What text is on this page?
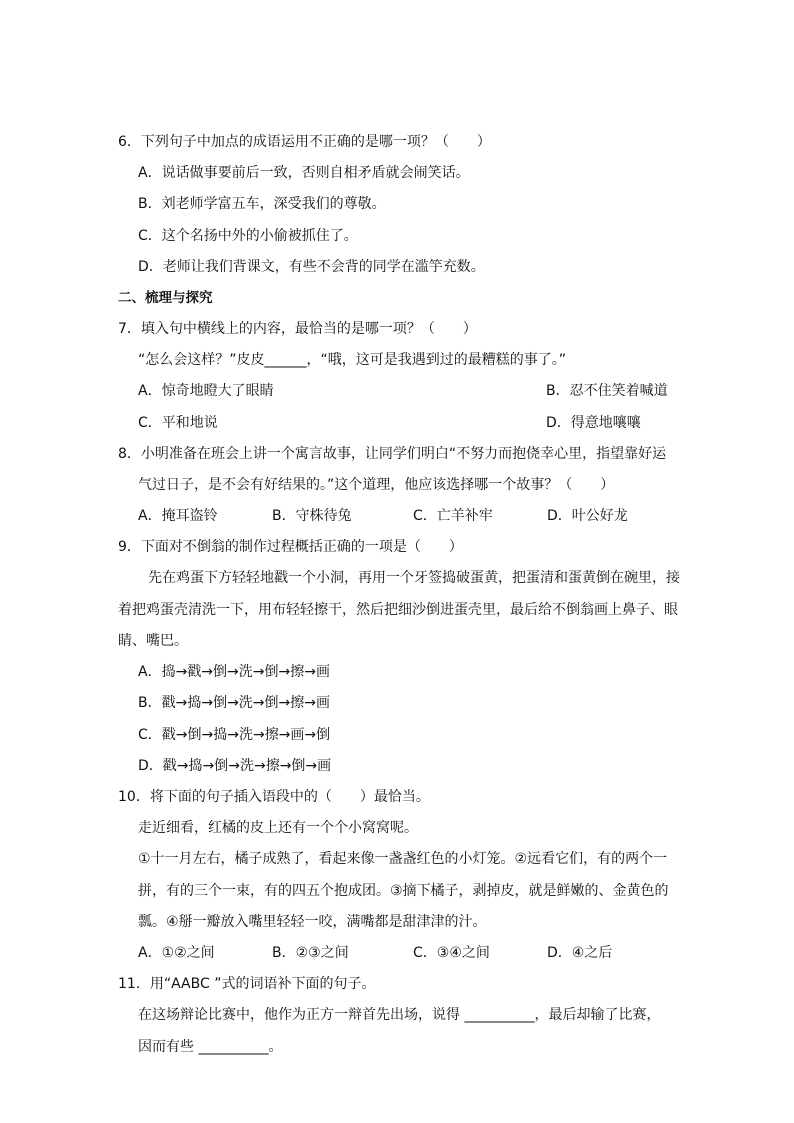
6．下列句子中加点的成语运用不正确的是哪一项？（　　）
A．说话做事要前后一致，否则自相矛盾就会闹笑话。
B．刘老师学富五车，深受我们的尊敬。
C．这个名扬中外的小偷被抓住了。
D．老师让我们背课文，有些不会背的同学在滥竽充数。
二、梳理与探究
7．填入句中横线上的内容，最恰当的是哪一项？（　　）
“怎么会这样？”皮皮______，“哦，这可是我遇到过的最糟糕的事了。”
A．惊奇地瞪大了眼睛	B．忍不住笑着喊道
C．平和地说	D．得意地嚷嚷
8．小明准备在班会上讲一个寓言故事，让同学们明白“不努力而抱侥幸心里，指望靠好运
气过日子，是不会有好结果的。”这个道理，他应该选择哪一个故事？（　　）
A．掩耳盗铃	B．守株待兔	C．亡羊补牢	D．叶公好龙
9．下面对不倒翁的制作过程概括正确的一项是（　　）
先在鸡蛋下方轻轻地戳一个小洞，再用一个牙签捣破蛋黄，把蛋清和蛋黄倒在碗里，接
着把鸡蛋壳清洗一下，用布轻轻擦干，然后把细沙倒进蛋壳里，最后给不倒翁画上鼻子、眼
睛、嘴巴。
A．捣→戳→倒→洗→倒→擦→画
B．戳→捣→倒→洗→倒→擦→画
C．戳→倒→捣→洗→擦→画→倒
D．戳→捣→倒→洗→擦→倒→画
10．将下面的句子插入语段中的（　　）最恰当。
走近细看，红橘的皮上还有一个个小窝窝呢。
①十一月左右，橘子成熟了，看起来像一盏盏红色的小灯笼。②远看它们，有的两个一
拼，有的三个一束，有的四五个抱成团。③摘下橘子，剥掉皮，就是鲜嫩的、金黄色的
瓢。④掰一瓣放入嘴里轻轻一咬，满嘴都是甜津津的汁。
A．①②之间	B．②③之间	C．③④之间	D．④之后
11．用“AABC ”式的词语补下面的句子。
在这场辩论比赛中，他作为正方一辩首先出场，说得 __________，最后却输了比赛，
因而有些 __________。
